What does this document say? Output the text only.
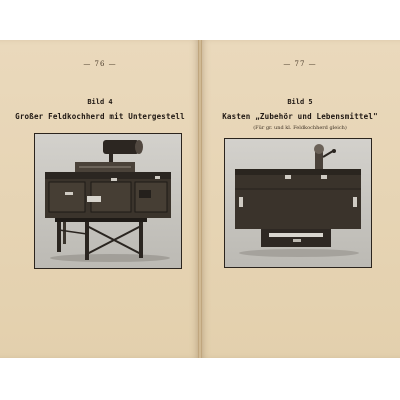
— 76 —
Bild 4
Großer Feldkochherd mit Untergestell
— 77 —
Bild 5
Kasten „Zubehör und Lebensmittel"
(Für gr. und kl. Feldkochherd gleich)
